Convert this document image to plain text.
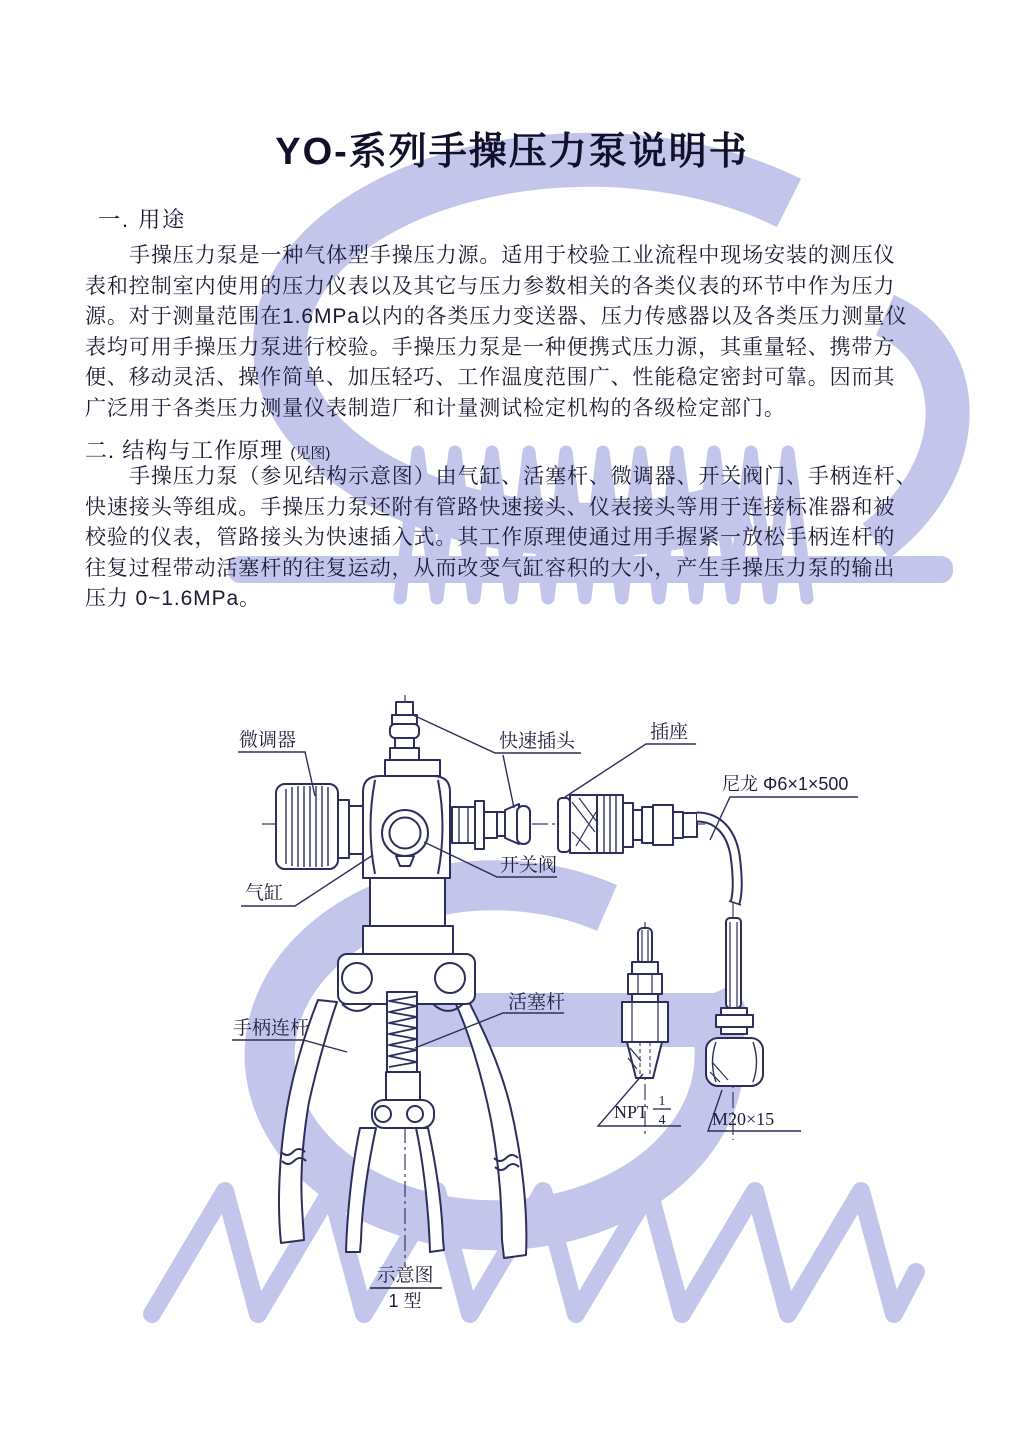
YO-系列手操压力泵说明书
一. 用途
手操压力泵是一种气体型手操压力源。适用于校验工业流程中现场安装的测压仪
表和控制室内使用的压力仪表以及其它与压力参数相关的各类仪表的环节中作为压力
源。对于测量范围在1.6MPa以内的各类压力变送器、压力传感器以及各类压力测量仪
表均可用手操压力泵进行校验。手操压力泵是一种便携式压力源，其重量轻、携带方
便、移动灵活、操作简单、加压轻巧、工作温度范围广、性能稳定密封可靠。因而其
广泛用于各类压力测量仪表制造厂和计量测试检定机构的各级检定部门。
二. 结构与工作原理 (见图)
手操压力泵（参见结构示意图）由气缸、活塞杆、微调器、开关阀门、手柄连杆、
快速接头等组成。手操压力泵还附有管路快速接头、仪表接头等用于连接标准器和被
校验的仪表，管路接头为快速插入式。其工作原理使通过用手握紧一放松手柄连杆的
往复过程带动活塞杆的往复运动，从而改变气缸容积的大小，产生手操压力泵的输出
压力 0~1.6MPa。
微调器	快速插头	插座
尼龙 Φ6×1×500
开关阀
气缸
手柄连杆
活塞杆
NPT
1
4	M20×15
示意图
1 型
